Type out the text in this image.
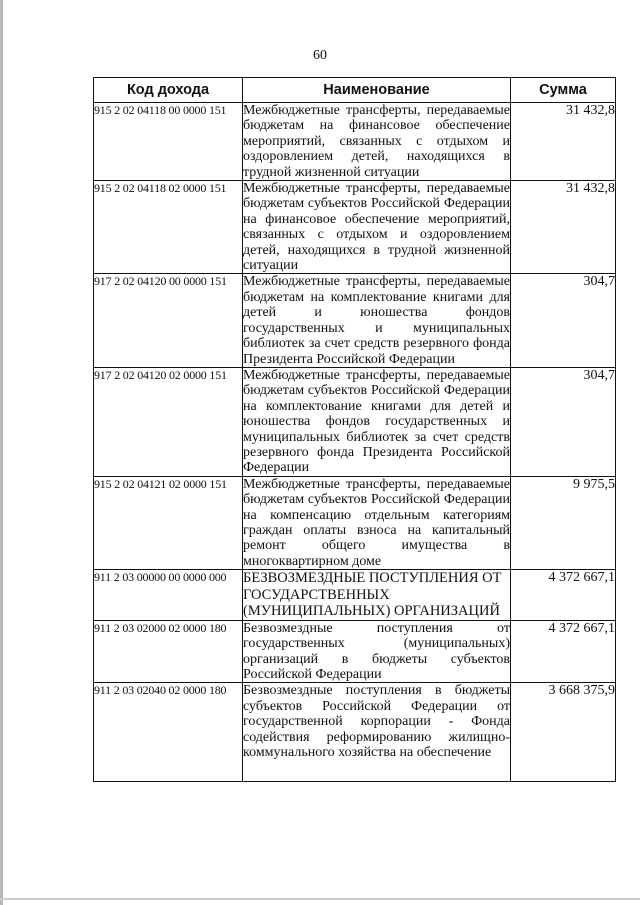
60
Код дохода	Наименование	Сумма
915 2 02 04118 00 0000 151	Межбюджетные трансферты, передаваемые бюджетам на финансовое обеспечение мероприятий, связанных с отдыхом и оздоровлением детей, находящихся в трудной жизненной ситуации	31 432,8
915 2 02 04118 02 0000 151	Межбюджетные трансферты, передаваемые бюджетам субъектов Российской Федерации на финансовое обеспечение мероприятий, связанных с отдыхом и оздоровлением детей, находящихся в трудной жизненной ситуации	31 432,8
917 2 02 04120 00 0000 151	Межбюджетные трансферты, передаваемые бюджетам на комплектование книгами для детей и юношества фондов государственных и муниципальных библиотек за счет средств резервного фонда Президента Российской Федерации	304,7
917 2 02 04120 02 0000 151	Межбюджетные трансферты, передаваемые бюджетам субъектов Российской Федерации на комплектование книгами для детей и юношества фондов государственных и муниципальных библиотек за счет средств резервного фонда Президента Российской Федерации	304,7
915 2 02 04121 02 0000 151	Межбюджетные трансферты, передаваемые бюджетам субъектов Российской Федерации на компенсацию отдельным категориям граждан оплаты взноса на капитальный ремонт общего имущества в многоквартирном доме	9 975,5
911 2 03 00000 00 0000 000	БЕЗВОЗМЕЗДНЫЕ ПОСТУПЛЕНИЯ ОТ ГОСУДАРСТВЕННЫХ (МУНИЦИПАЛЬНЫХ) ОРГАНИЗАЦИЙ	4 372 667,1
911 2 03 02000 02 0000 180	Безвозмездные поступления от государственных (муниципальных) организаций в бюджеты субъектов Российской Федерации	4 372 667,1
911 2 03 02040 02 0000 180	Безвозмездные поступления в бюджеты субъектов Российской Федерации от государственной корпорации - Фонда содействия реформированию жилищно-коммунального хозяйства на обеспечение	3 668 375,9
